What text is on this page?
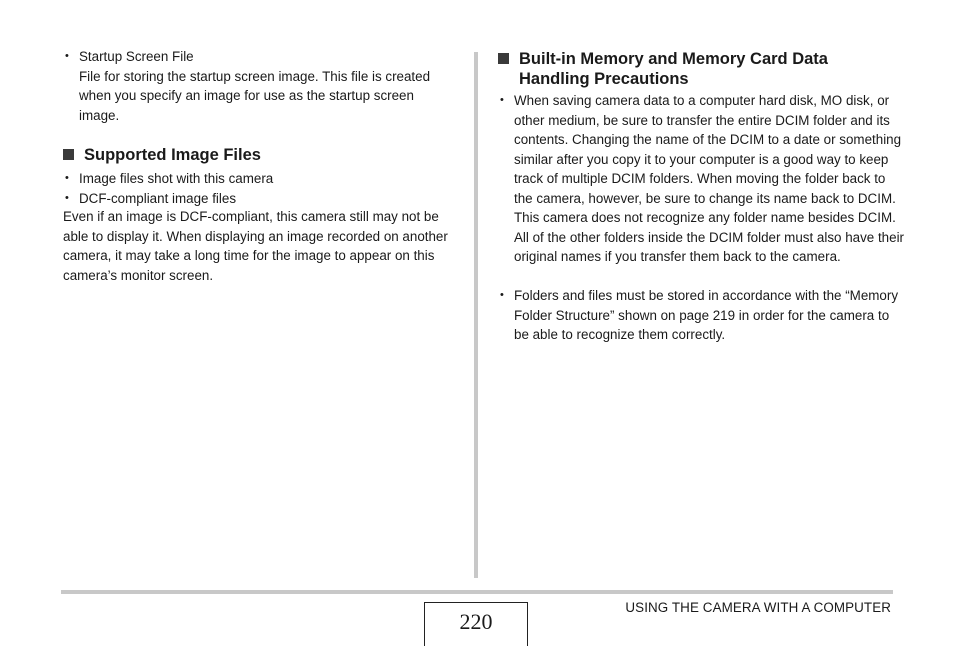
• Startup Screen File
File for storing the startup screen image. This file is created when you specify an image for use as the startup screen image.
Supported Image Files
• Image files shot with this camera
• DCF-compliant image files
Even if an image is DCF-compliant, this camera still may not be able to display it. When displaying an image recorded on another camera, it may take a long time for the image to appear on this camera’s monitor screen.
Built-in Memory and Memory Card Data
Handling Precautions
• When saving camera data to a computer hard disk, MO disk, or other medium, be sure to transfer the entire DCIM folder and its contents. Changing the name of the DCIM to a date or something similar after you copy it to your computer is a good way to keep track of multiple DCIM folders. When moving the folder back to the camera, however, be sure to change its name back to DCIM. This camera does not recognize any folder name besides DCIM.
All of the other folders inside the DCIM folder must also have their original names if you transfer them back to the camera.
• Folders and files must be stored in accordance with the “Memory Folder Structure” shown on page 219 in order for the camera to be able to recognize them correctly.
220
USING THE CAMERA WITH A COMPUTER
